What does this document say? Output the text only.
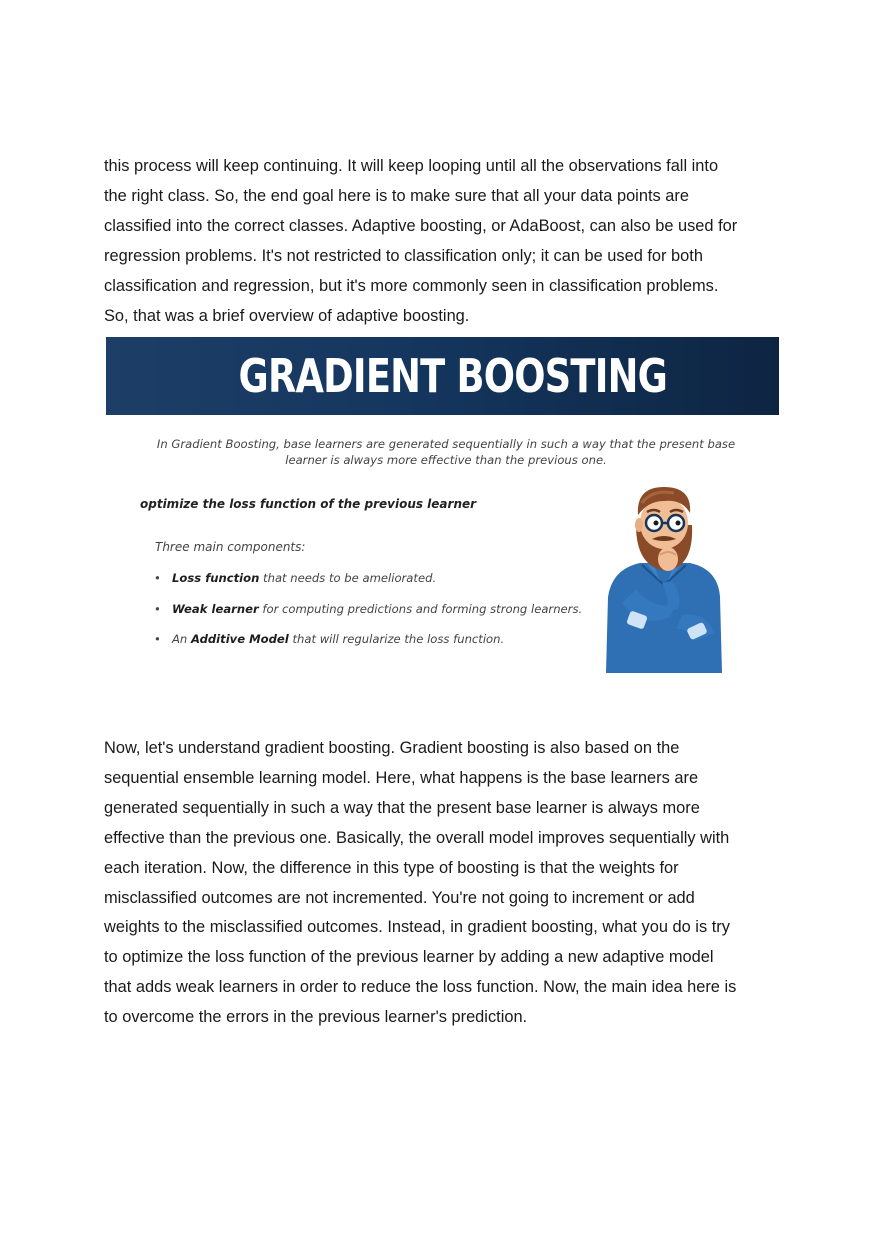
this process will keep continuing. It will keep looping until all the observations fall into
the right class. So, the end goal here is to make sure that all your data points are
classified into the correct classes. Adaptive boosting, or AdaBoost, can also be used for
regression problems. It's not restricted to classification only; it can be used for both
classification and regression, but it's more commonly seen in classification problems.
So, that was a brief overview of adaptive boosting.

GRADIENT BOOSTING

In Gradient Boosting, base learners are generated sequentially in such a way that the present base
learner is always more effective than the previous one.

optimize the loss function of the previous learner
Three main components:
• Loss function that needs to be ameliorated.
• Weak learner for computing predictions and forming strong learners.
• An Additive Model that will regularize the loss function.

Now, let's understand gradient boosting. Gradient boosting is also based on the
sequential ensemble learning model. Here, what happens is the base learners are
generated sequentially in such a way that the present base learner is always more
effective than the previous one. Basically, the overall model improves sequentially with
each iteration. Now, the difference in this type of boosting is that the weights for
misclassified outcomes are not incremented. You're not going to increment or add
weights to the misclassified outcomes. Instead, in gradient boosting, what you do is try
to optimize the loss function of the previous learner by adding a new adaptive model
that adds weak learners in order to reduce the loss function. Now, the main idea here is
to overcome the errors in the previous learner's prediction.
